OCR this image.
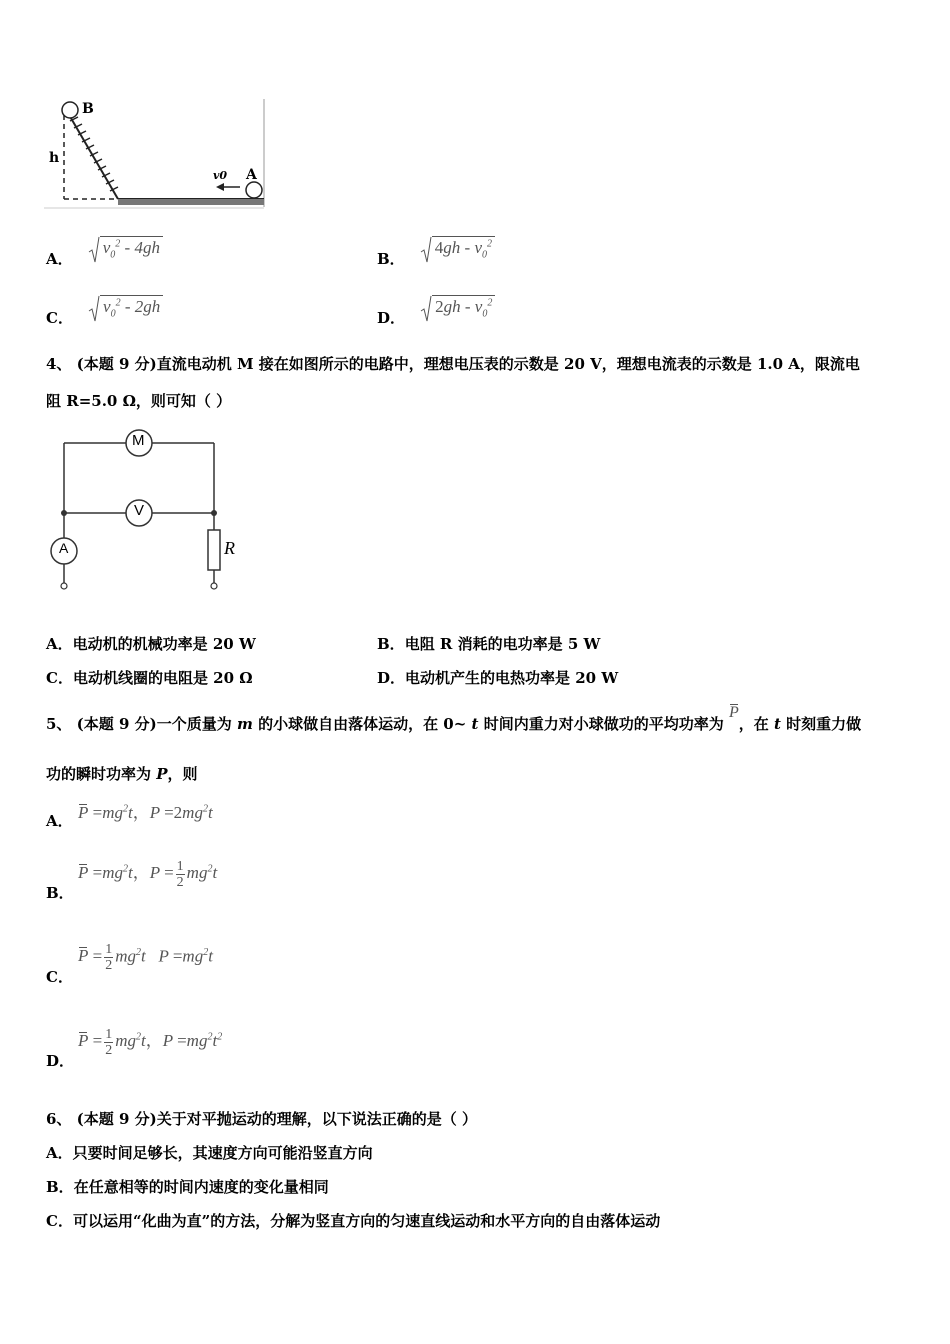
B
h
v0 A
A．
$v_0^2 - 4gh$
B．
$4gh - v_0^2$
C．
$v_0^2 - 2gh$
D．
$2gh - v_0^2$
4、 (本题 9 分)直流电动机 M 接在如图所示的电路中，理想电压表的示数是 20 V，理想电流表的示数是 1.0 A，限流电
阻 R=5.0 Ω，则可知（ ）
M
V
A	R
A．电动机的机械功率是 20 W	B．电阻 R 消耗的电功率是 5 W
C．电动机线圈的电阻是 20 Ω	D．电动机产生的电热功率是 20 W
5、 (本题 9 分)一个质量为 m 的小球做自由落体运动，在 0~ t 时间内重力对小球做功的平均功率为 P，在 t 时刻重力做
功的瞬时功率为 P，则
A． $P =mg^2t$，$P =2mg^2t$
B．
$P =mg^2t$，$P = \frac{1}{2} mg^2t$
C．
$P = \frac{1}{2} mg^2t$   $P =mg^2t$
D．
$P = \frac{1}{2} mg^2t$，$P =mg^2t^2$
6、 (本题 9 分)关于对平抛运动的理解，以下说法正确的是（ ）
A．只要时间足够长，其速度方向可能沿竖直方向
B．在任意相等的时间内速度的变化量相同
C．可以运用“化曲为直”的方法，分解为竖直方向的匀速直线运动和水平方向的自由落体运动
